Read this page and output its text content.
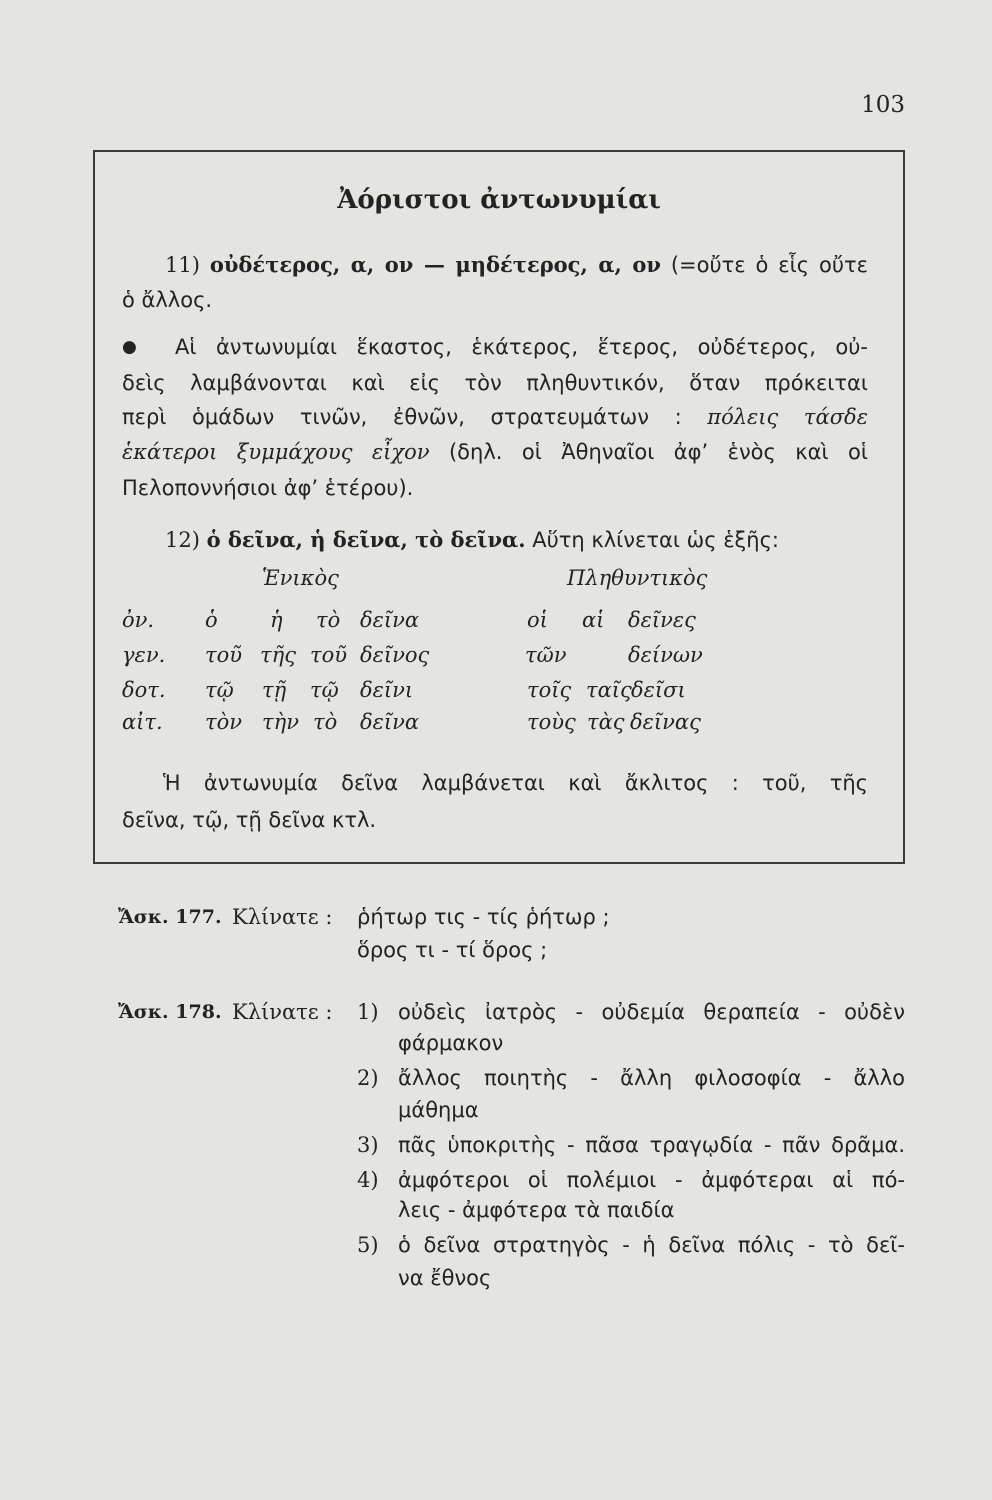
103
Ἀόριστοι ἀντωνυμίαι
11) οὐδέτερος, α, ον — μηδέτερος, α, ον (=οὔτε ὁ εἷς οὔτε
ὁ ἄλλος.
● Αἱ ἀντωνυμίαι ἕκαστος, ἑκάτερος, ἕτερος, οὐδέτερος, οὐ-
δεὶς λαμβάνονται καὶ εἰς τὸν πληθυντικόν, ὅταν πρόκειται
περὶ ὁμάδων τινῶν, ἐθνῶν, στρατευμάτων : πόλεις τάσδε
ἑκάτεροι ξυμμάχους εἶχον (δηλ. οἱ Ἀθηναῖοι ἀφ’ ἑνὸς καὶ οἱ
Πελοποννήσιοι ἀφ’ ἑτέρου).
12) ὁ δεῖνα, ἡ δεῖνα, τὸ δεῖνα. Αὕτη κλίνεται ὡς ἑξῆς:
Ἑνικὸς	Πληθυντικὸς
ὀν. ὁ ἡ τὸ δεῖνα	οἱ αἱ δεῖνες
γεν. τοῦ τῆς τοῦ δεῖνος	τῶν	δείνων
δοτ. τῷ τῇ τῷ δεῖνι	τοῖς ταῖς δεῖσι
αἰτ. τὸν τὴν τὸ δεῖνα	τοὺς τὰς δεῖνας
Ἡ ἀντωνυμία δεῖνα λαμβάνεται καὶ ἄκλιτος : τοῦ, τῆς
δεῖνα, τῷ, τῇ δεῖνα κτλ.
Ἄσκ. 177. Κλίνατε : ῥήτωρ τις - τίς ῥήτωρ ;
ὅρος τι - τί ὅρος ;
Ἄσκ. 178. Κλίνατε : 1) οὐδεὶς ἰατρὸς - οὐδεμία θεραπεία - οὐδὲν
φάρμακον
2) ἄλλος ποιητὴς - ἄλλη φιλοσοφία - ἄλλο
μάθημα
3) πᾶς ὑποκριτὴς - πᾶσα τραγῳδία - πᾶν δρᾶμα.
4) ἀμφότεροι οἱ πολέμιοι - ἀμφότεραι αἱ πό-
λεις - ἀμφότερα τὰ παιδία
5) ὁ δεῖνα στρατηγὸς - ἡ δεῖνα πόλις - τὸ δεῖ-
να ἔθνος
